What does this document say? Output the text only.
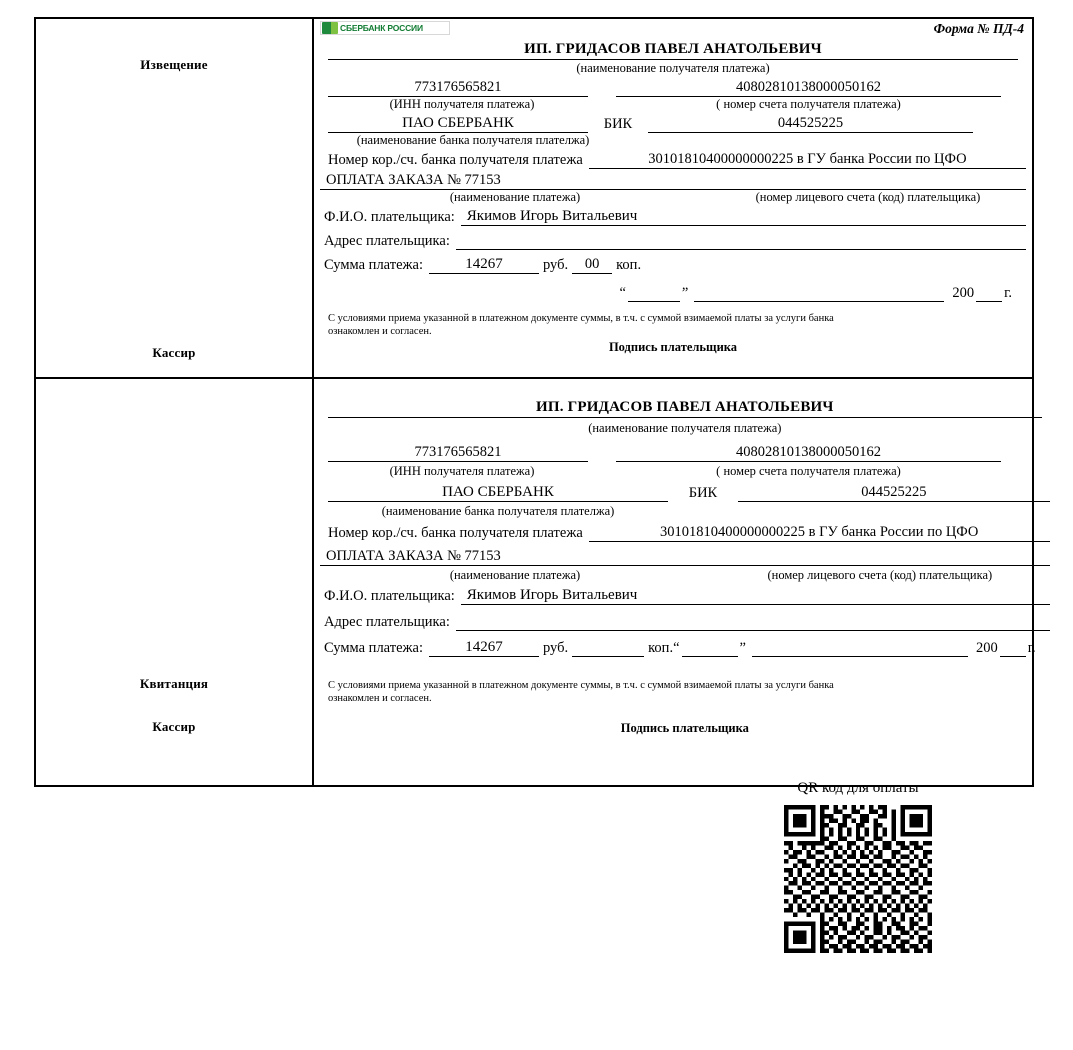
Извещение
Кассир
СБЕРБАНК РОССИИ	Форма № ПД-4
ИП. ГРИДАСОВ ПАВЕЛ АНАТОЛЬЕВИЧ
(наименование получателя платежа)
773176565821	40802810138000050162
(ИНН получателя платежа)	( номер счета получателя платежа)
ПАО СБЕРБАНК	БИК	044525225
(наименование банка получателя плателжа)
Номер кор./сч. банка получателя платежа	30101810400000000225 в ГУ банка России по ЦФО
ОПЛАТА ЗАКАЗА № 77153
(наименование платежа)	(номер лицевого счета (код) плательщика)
Ф.И.О. плательщика: Якимов Игорь Витальевич
Адрес плательщика:
Сумма платежа:	14267	руб.	00	коп.
“	”	200 г.
С условиями приема указанной в платежном документе суммы, в т.ч. с суммой взимаемой платы за услуги банка
ознакомлен и согласен.
Подпись плательщика
Квитанция
Кассир
ИП. ГРИДАСОВ ПАВЕЛ АНАТОЛЬЕВИЧ
(наименование получателя платежа)
773176565821	40802810138000050162
(ИНН получателя платежа)	( номер счета получателя платежа)
ПАО СБЕРБАНК	БИК	044525225
(наименование банка получателя плателжа)
Номер кор./сч. банка получателя платежа	30101810400000000225 в ГУ банка России по ЦФО
ОПЛАТА ЗАКАЗА № 77153
(наименование платежа)	(номер лицевого счета (код) плательщика)
Ф.И.О. плательщика: Якимов Игорь Витальевич
Адрес плательщика:
Сумма платежа:	14267	руб.	коп. “	”	200 г.
С условиями приема указанной в платежном документе суммы, в т.ч. с суммой взимаемой платы за услуги банка
ознакомлен и согласен.
Подпись плательщика
QR код для оплаты
